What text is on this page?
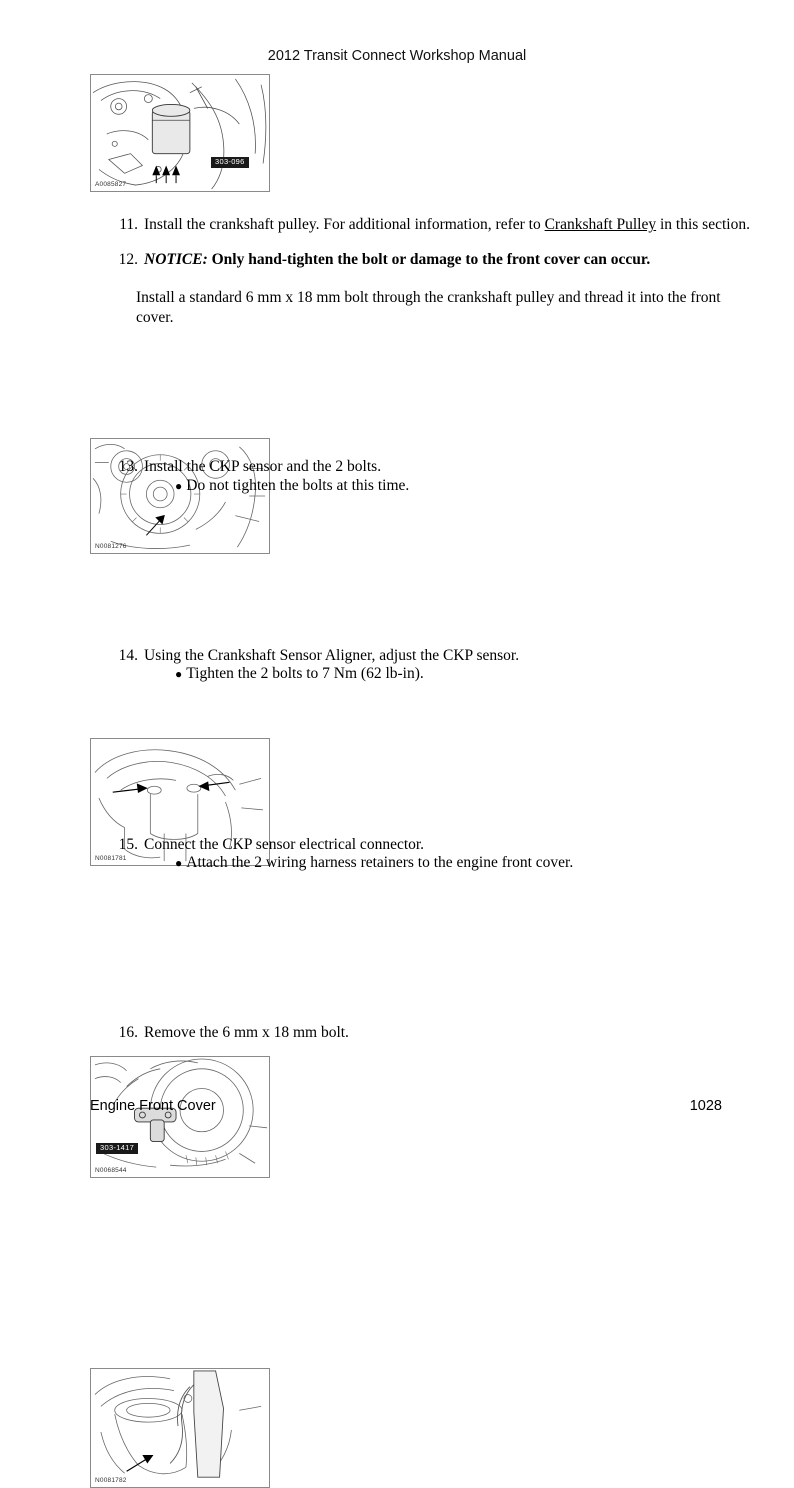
2012 Transit Connect Workshop Manual
303-096
A0085827
11. Install the crankshaft pulley. For additional information, refer to Crankshaft Pulley in this section.
12. NOTICE: Only hand-tighten the bolt or damage to the front cover can occur.
Install a standard 6 mm x 18 mm bolt through the crankshaft pulley and thread it into the front cover.
N0081276
13. Install the CKP sensor and the 2 bolts.
● Do not tighten the bolts at this time.
N0081781
14. Using the Crankshaft Sensor Aligner, adjust the CKP sensor.
● Tighten the 2 bolts to 7 Nm (62 lb-in).
303-1417
N0068544
15. Connect the CKP sensor electrical connector.
● Attach the 2 wiring harness retainers to the engine front cover.
N0081782
16. Remove the 6 mm x 18 mm bolt.
Engine Front Cover	1028
